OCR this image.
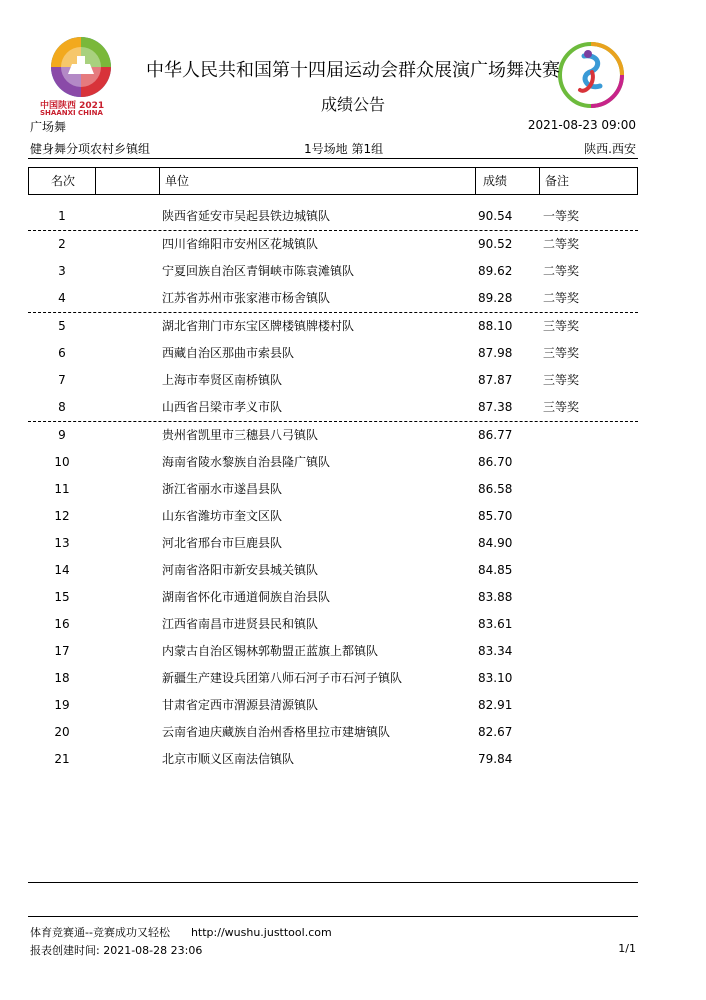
中国陕西 2021
SHAANXI CHINA
中华人民共和国第十四届运动会群众展演广场舞决赛
成绩公告
广场舞	2021-08-23 09:00
健身舞分项农村乡镇组	1号场地 第1组	陕西.西安
名次	单位	成绩	备注
1	陕西省延安市吴起县铁边城镇队	90.54	一等奖
2	四川省绵阳市安州区花城镇队	90.52	二等奖
3	宁夏回族自治区青铜峡市陈袁滩镇队	89.62	二等奖
4	江苏省苏州市张家港市杨舍镇队	89.28	二等奖
5	湖北省荆门市东宝区牌楼镇牌楼村队	88.10	三等奖
6	西藏自治区那曲市索县队	87.98	三等奖
7	上海市奉贤区南桥镇队	87.87	三等奖
8	山西省吕梁市孝义市队	87.38	三等奖
9	贵州省凯里市三穗县八弓镇队	86.77
10	海南省陵水黎族自治县隆广镇队	86.70
11	浙江省丽水市遂昌县队	86.58
12	山东省潍坊市奎文区队	85.70
13	河北省邢台市巨鹿县队	84.90
14	河南省洛阳市新安县城关镇队	84.85
15	湖南省怀化市通道侗族自治县队	83.88
16	江西省南昌市进贤县民和镇队	83.61
17	内蒙古自治区锡林郭勒盟正蓝旗上都镇队	83.34
18	新疆生产建设兵团第八师石河子市石河子镇队	83.10
19	甘肃省定西市渭源县清源镇队	82.91
20	云南省迪庆藏族自治州香格里拉市建塘镇队	82.67
21	北京市顺义区南法信镇队	79.84
体育竞赛通--竞赛成功又轻松 http://wushu.justtool.com
报表创建时间: 2021-08-28 23:06	1/1
